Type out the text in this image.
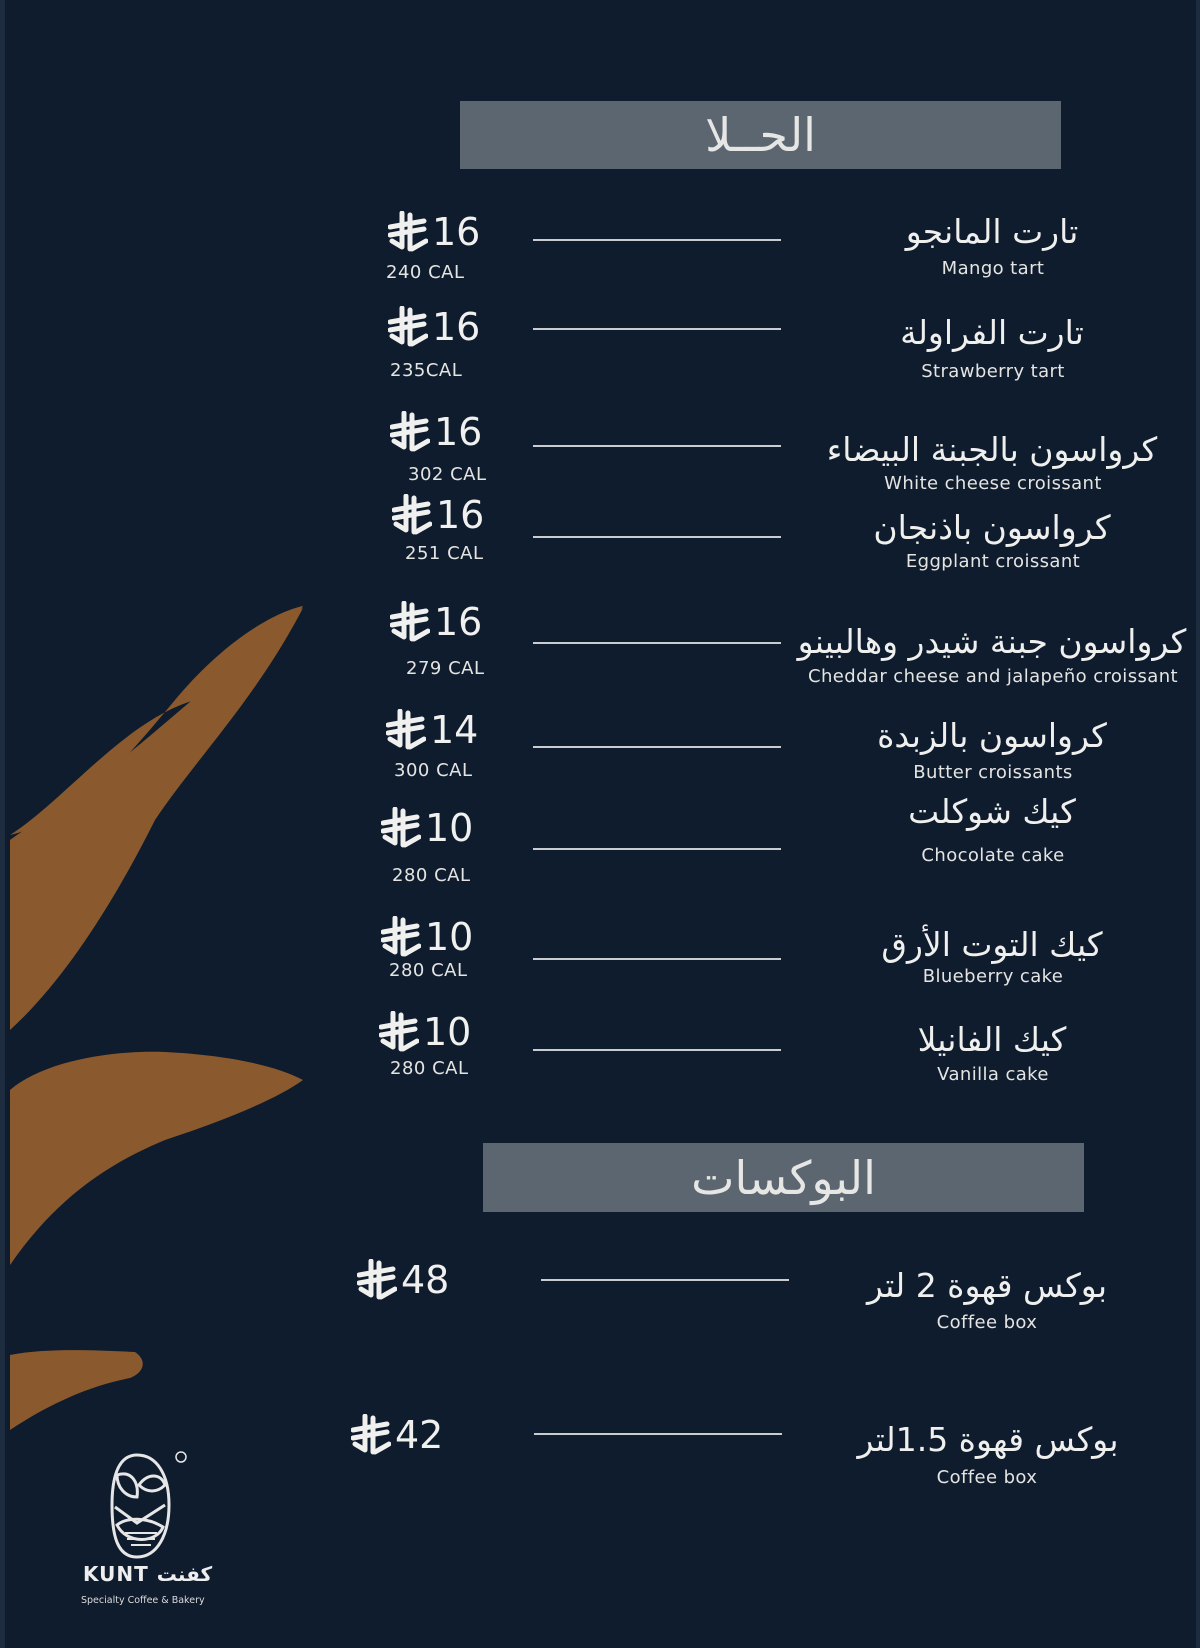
الحــلا
البوكسات
16
240 CAL
تارت المانجو
Mango tart
16
235CAL
تارت الفراولة
Strawberry tart
16
302 CAL
كرواسون بالجبنة البيضاء
White cheese croissant
16
251 CAL
كرواسون باذنجان
Eggplant croissant
16
279 CAL
كرواسون جبنة شيدر وهالبينو
Cheddar cheese and jalapeño croissant
14
300 CAL
كرواسون بالزبدة
Butter croissants
10
280 CAL
كيك شوكلت
Chocolate cake
10
280 CAL
كيك التوت الأرق
Blueberry cake
10
280 CAL
كيك الفانيلا
Vanilla cake
48	بوكس قهوة 2 لتر
Coffee box
42	بوكس قهوة 1.5لتر
Coffee box
KUNT كفنت
Specialty Coffee & Bakery
